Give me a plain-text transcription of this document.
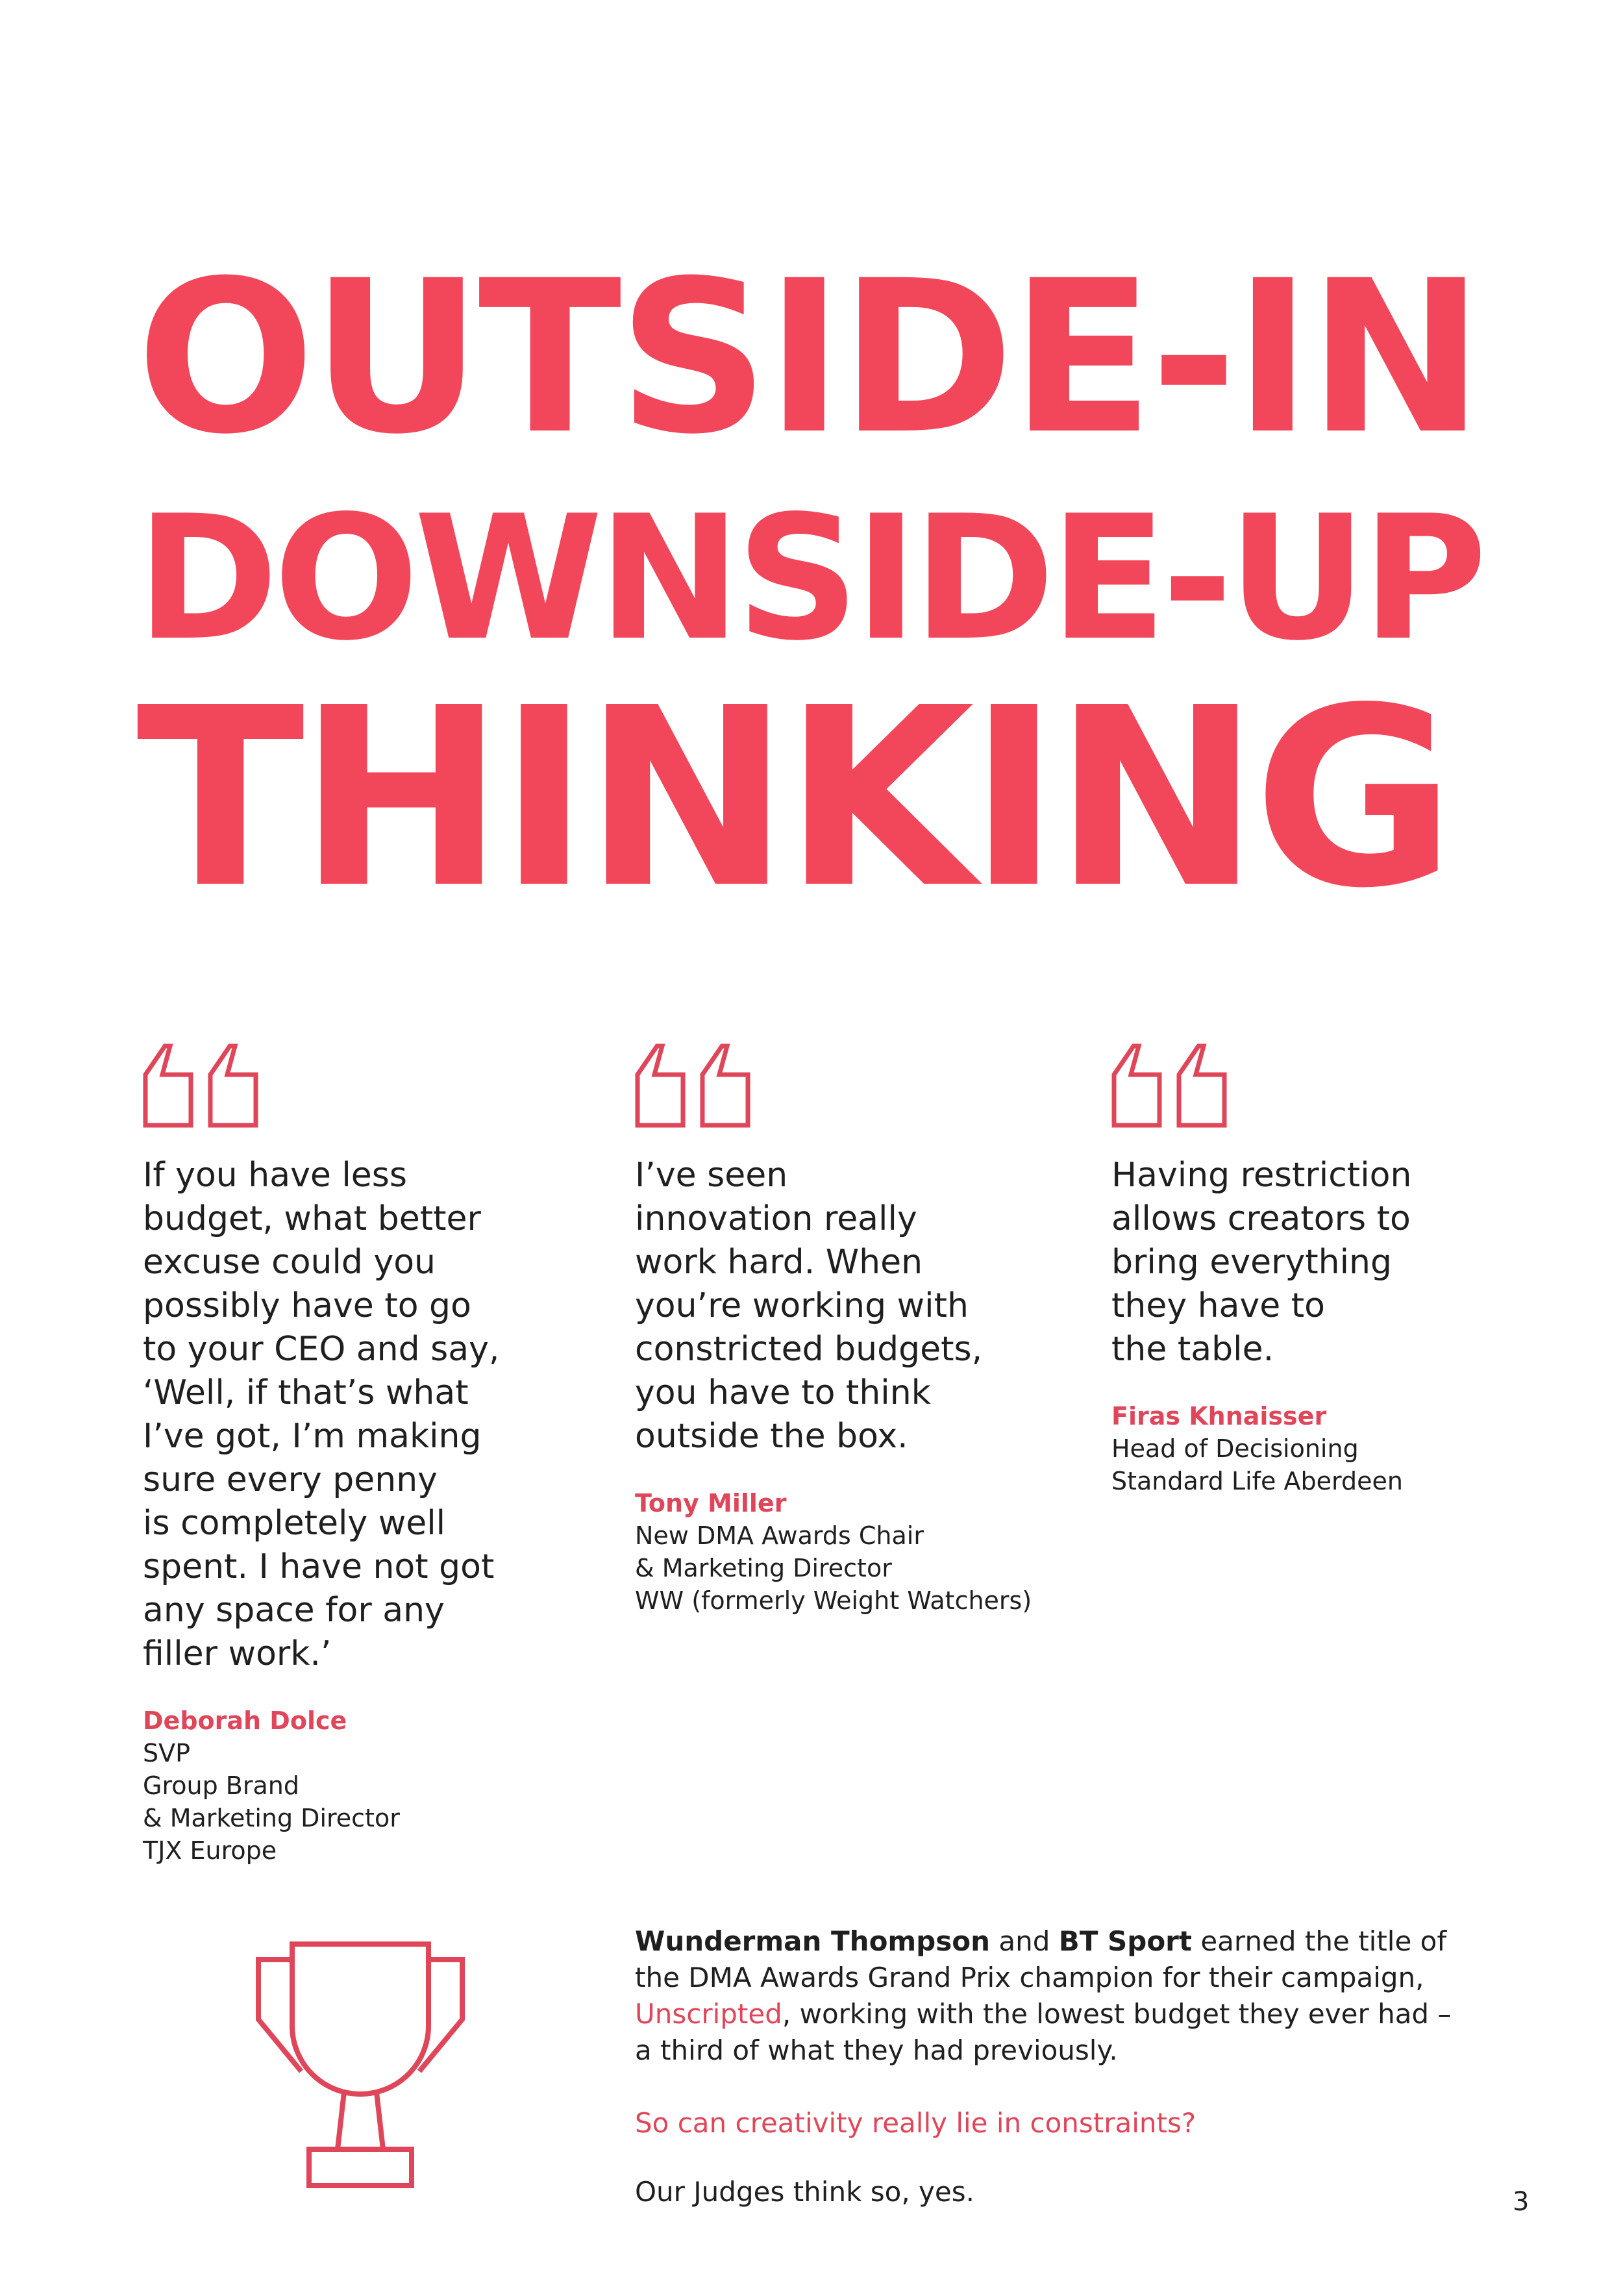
OUTSIDE-IN
DOWNSIDE-UP
THINKING

If you have less
budget, what better
excuse could you
possibly have to go
to your CEO and say,
‘Well, if that’s what
I’ve got, I’m making
sure every penny
is completely well
spent. I have not got
any space for any
filler work.’

Deborah Dolce
SVP
Group Brand
& Marketing Director
TJX Europe

I’ve seen
innovation really
work hard. When
you’re working with
constricted budgets,
you have to think
outside the box.

Tony Miller
New DMA Awards Chair
& Marketing Director
WW (formerly Weight Watchers)

Having restriction
allows creators to
bring everything
they have to
the table.

Firas Khnaisser
Head of Decisioning
Standard Life Aberdeen

Wunderman Thompson and BT Sport earned the title of the DMA Awards Grand Prix champion for their campaign, Unscripted, working with the lowest budget they ever had – a third of what they had previously.

So can creativity really lie in constraints?

Our Judges think so, yes.	3
